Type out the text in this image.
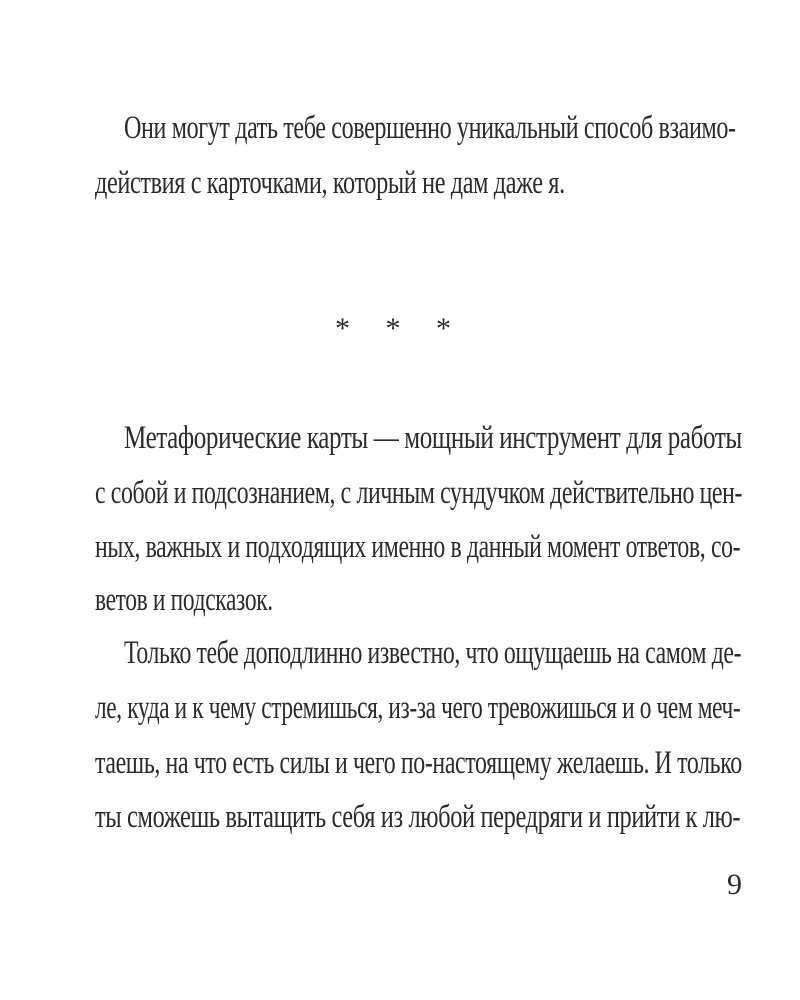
Они могут дать тебе совершенно уникальный способ взаимо-
действия с карточками, который не дам даже я.
* * *
Метафорические карты — мощный инструмент для работы
с собой и подсознанием, с личным сундучком действительно цен-
ных, важных и подходящих именно в данный момент ответов, со-
ветов и подсказок.
Только тебе доподлинно известно, что ощущаешь на самом де-
ле, куда и к чему стремишься, из-за чего тревожишься и о чем меч-
таешь, на что есть силы и чего по-настоящему желаешь. И только
ты сможешь вытащить себя из любой передряги и прийти к лю-
9
